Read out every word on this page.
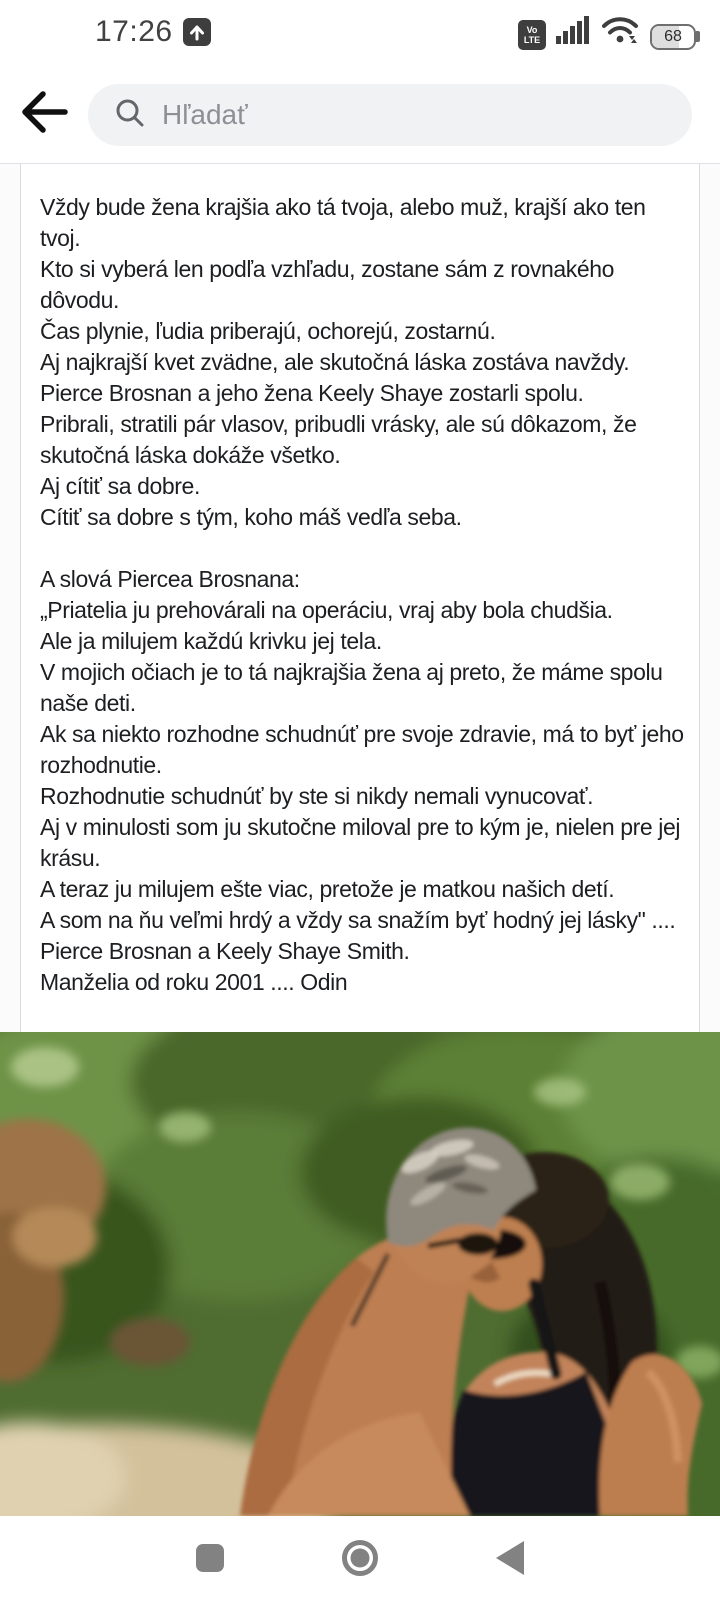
17:26	Vo
LTE	68
Hľadať
Vždy bude žena krajšia ako tá tvoja, alebo muž, krajší ako ten tvoj.
Kto si vyberá len podľa vzhľadu, zostane sám z rovnakého dôvodu.
Čas plynie, ľudia priberajú, ochorejú, zostarnú.
Aj najkrajší kvet zvädne, ale skutočná láska zostáva navždy.
Pierce Brosnan a jeho žena Keely Shaye zostarli spolu.
Pribrali, stratili pár vlasov, pribudli vrásky, ale sú dôkazom, že skutočná láska dokáže všetko.
Aj cítiť sa dobre.
Cítiť sa dobre s tým, koho máš vedľa seba.
A slová Piercea Brosnana:
„Priatelia ju prehovárali na operáciu, vraj aby bola chudšia.
Ale ja milujem každú krivku jej tela.
V mojich očiach je to tá najkrajšia žena aj preto, že máme spolu naše deti.
Ak sa niekto rozhodne schudnúť pre svoje zdravie, má to byť jeho rozhodnutie.
Rozhodnutie schudnúť by ste si nikdy nemali vynucovať.
Aj v minulosti som ju skutočne miloval pre to kým je, nielen pre jej krásu.
A teraz ju milujem ešte viac, pretože je matkou našich detí.
A som na ňu veľmi hrdý a vždy sa snažím byť hodný jej lásky" .... Pierce Brosnan a Keely Shaye Smith.
Manželia od roku 2001 .... Odin
